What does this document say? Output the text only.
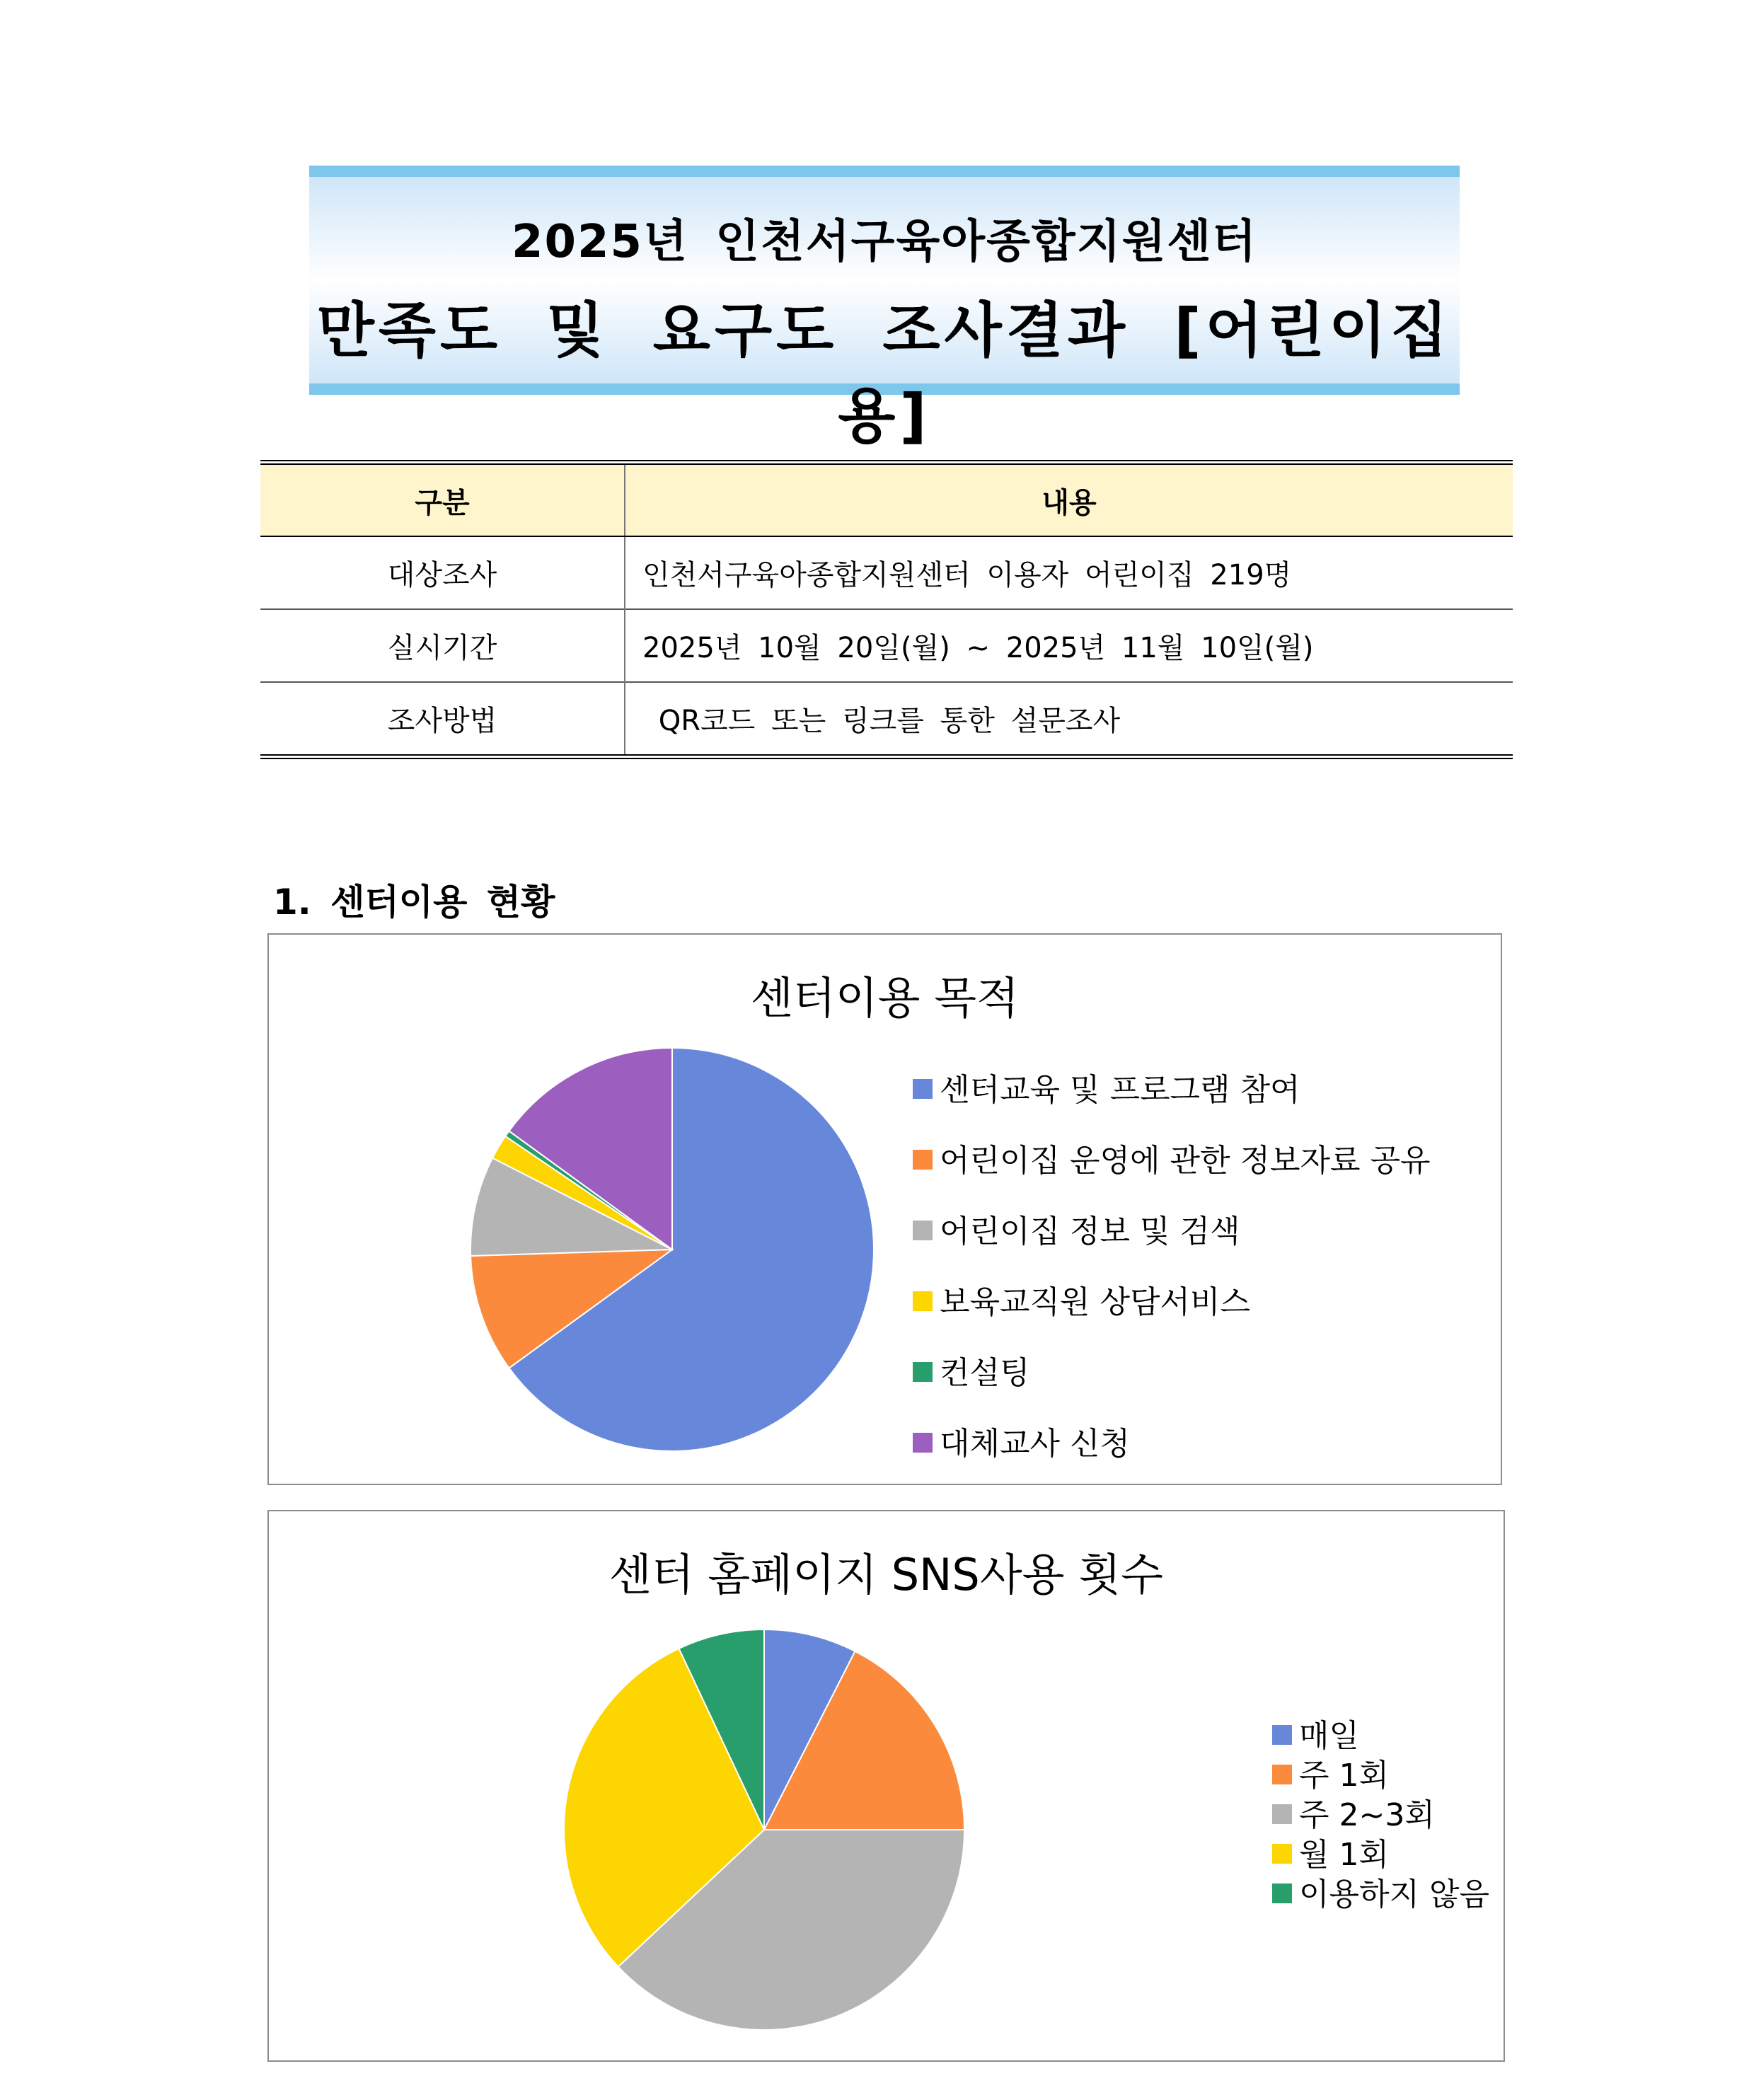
2025년 인천서구육아종합지원센터
만족도 및 요구도 조사결과 [어린이집용]
구분	내용
대상조사	인천서구육아종합지원센터 이용자 어린이집 219명
실시기간	2025년 10월 20일(월) ~ 2025년 11월 10일(월)
조사방법	QR코드 또는 링크를 통한 설문조사
1. 센터이용 현황
센터이용 목적
센터교육 및 프로그램 참여
어린이집 운영에 관한 정보자료 공유
어린이집 정보 및 검색
보육교직원 상담서비스
컨설팅
대체교사 신청
센터 홈페이지 SNS사용 횟수
매일
주 1회
주 2~3회
월 1회
이용하지 않음
